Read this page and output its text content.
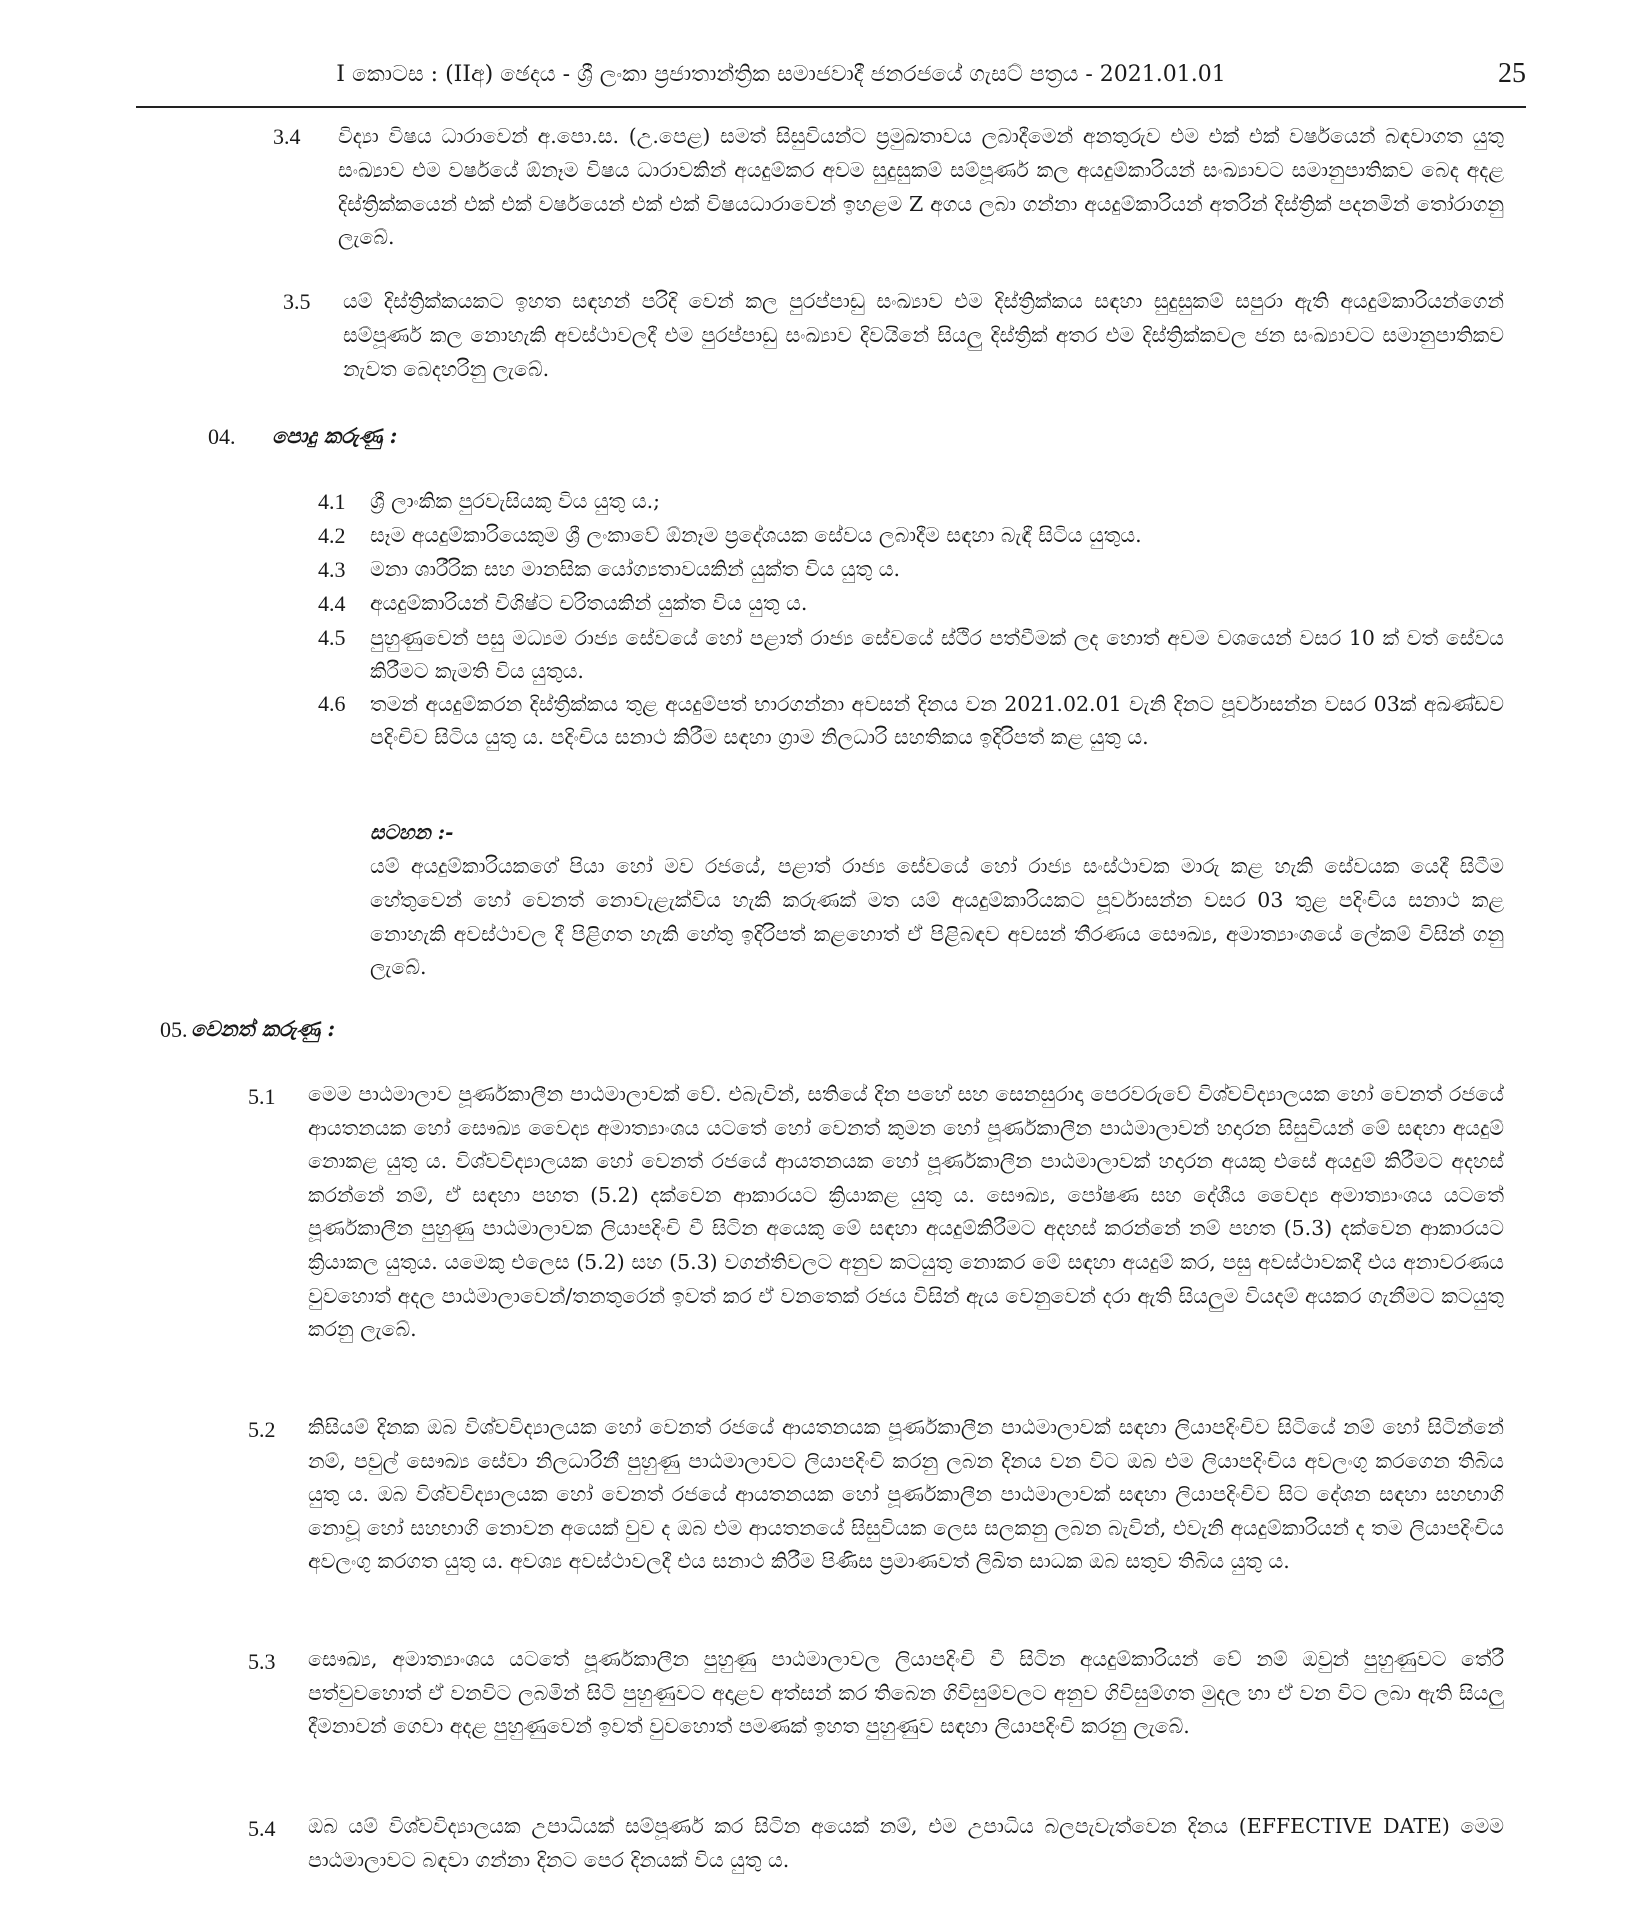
I කොටස : (IIඅ) ඡෙදය - ශ්‍රී ලංකා ප්‍රජාතාන්ත්‍රික සමාජවාදී ජනරජයේ ගැසට් පත්‍රය - 2021.01.01	25
3.4 විද්‍යා විෂය ධාරාවෙන් අ.පො.ස. (උ.පෙළ) සමත් සිසුවියන්ට ප්‍රමුඛතාවය ලබාදීමෙන් අනතුරුව එම එක් එක් වර්ෂයෙන් බඳවාගත යුතු සංඛ්‍යාව එම වර්ෂයේ ඕනෑම විෂය ධාරාවකින් අයදුම්කර අවම සුදුසුකම් සම්පූර්ණ කල අයදුම්කාරියන් සංඛ්‍යාවට සමානුපාතිකව බෙද අදළ දිස්ත්‍රික්කයෙන් එක් එක් වර්ෂයෙන් එක් එක් විෂයධාරාවෙන් ඉහළම Z අගය ලබා ගන්නා අයදුම්කාරියන් අතරින් දිස්ත්‍රික් පදනමින් තෝරාගනු ලැබේ.
3.5 යම් දිස්ත්‍රික්කයකට ඉහත සඳහන් පරිදි වෙන් කල පුරප්පාඩු සංඛ්‍යාව එම දිස්ත්‍රික්කය සඳහා සුදුසුකම් සපුරා ඇති අයදුම්කාරියන්ගෙන් සම්පූර්ණ කල නොහැකි අවස්ථාවලදී එම පුරප්පාඩු සංඛ්‍යාව දිවයිනේ සියලු දිස්ත්‍රික් අතර එම දිස්ත්‍රික්කවල ජන සංඛ්‍යාවට සමානුපාතිකව නැවත බෙදහරිනු ලැබේ.
04. පොදු කරුණු :
4.1 ශ්‍රී ලාංකික පුරවැසියකු විය යුතු ය.;
4.2 සෑම අයදුම්කාරියෙකුම ශ්‍රී ලංකාවේ ඕනෑම ප්‍රදේශයක සේවය ලබාදීම සඳහා බැඳී සිටිය යුතුය.
4.3 මනා ශාරීරික සහ මානසික යෝග්‍යතාවයකින් යුක්ත විය යුතු ය.
4.4 අයදුම්කාරියන් විශිෂ්ට චරිතයකින් යුක්ත විය යුතු ය.
4.5 පුහුණුවෙන් පසු මධ්‍යම රාජ්‍ය සේවයේ හෝ පළාත් රාජ්‍ය සේවයේ ස්ථිර පත්වීමක් ලද හොත් අවම වශයෙන් වසර 10 ක් වත් සේවය කිරීමට කැමති විය යුතුය.
4.6 තමන් අයදුම්කරන දිස්ත්‍රික්කය තුළ අයදුම්පත් භාරගන්නා අවසන් දිනය වන 2021.02.01 වැනි දිනට පූර්වාසන්න වසර 03ක් අඛණ්ඩව පදිංචිව සිටිය යුතු ය. පදිංචිය සනාථ කිරීම සඳහා ග්‍රාම නිලධාරි සහතිකය ඉදිරිපත් කළ යුතු ය.
සටහන :-
යම් අයදුම්කාරියකගේ පියා හෝ මව රජයේ, පළාත් රාජ්‍ය සේවයේ හෝ රාජ්‍ය සංස්ථාවක මාරු කළ හැකි සේවයක යෙදී සිටීම හේතුවෙන් හෝ වෙනත් නොවැළැක්විය හැකි කරුණක් මත යම් අයදුම්කාරියකට පූර්වාසන්න වසර 03 තුළ පදිංචිය සනාථ කළ නොහැකි අවස්ථාවල දී පිළිගත හැකි හේතු ඉදිරිපත් කළහොත් ඒ පිළිබඳව අවසන් තීරණය සෞඛ්‍ය, අමාත්‍යාංශයේ ලේකම් විසින් ගනු ලැබේ.
05. වෙනත් කරුණු :
5.1 මෙම පාඨමාලාව පූර්ණකාලීන පාඨමාලාවක් වේ. එබැවින්, සතියේ දින පහේ සහ සෙනසුරාදා පෙරවරුවේ විශ්වවිද්‍යාලයක හෝ වෙනත් රජයේ ආයතනයක හෝ සෞඛ්‍ය වෛද්‍ය අමාත්‍යාංශය යටතේ හෝ වෙනත් කුමන හෝ පූර්ණකාලීන පාඨමාලාවන් හදාරන සිසුවියන් මේ සඳහා අයදුම් නොකළ යුතු ය. විශ්වවිද්‍යාලයක හෝ වෙනත් රජයේ ආයතනයක හෝ පූර්ණකාලීන පාඨමාලාවක් හදාරන අයකු එසේ අයදුම් කිරීමට අදහස් කරන්නේ නම්, ඒ සඳහා පහත (5.2) දක්වෙන ආකාරයට ක්‍රියාකළ යුතු ය. සෞඛ්‍ය, පෝෂණ සහ දේශීය වෛද්‍ය අමාත්‍යාංශය යටතේ පූර්ණකාලීන පුහුණු පාඨමාලාවක ලියාපදිංචි වී සිටින අයෙකු මේ සඳහා අයදුම්කිරීමට අදහස් කරන්නේ නම් පහත (5.3) දක්වෙන ආකාරයට ක්‍රියාකල යුතුය. යමෙකු එලෙස (5.2) සහ (5.3) වගන්තිවලට අනුව කටයුතු නොකර මේ සඳහා අයදුම් කර, පසු අවස්ථාවකදී එය අනාවරණය වුවහොත් අදල පාඨමාලාවෙන්/තනතුරෙන් ඉවත් කර ඒ වනතෙක් රජය විසින් ඇය වෙනුවෙන් දරා ඇති සියලුම වියදම් අයකර ගැනීමට කටයුතු කරනු ලැබේ.
5.2 කිසියම් දිනක ඔබ විශ්වවිද්‍යාලයක හෝ වෙනත් රජයේ ආයතනයක පූර්ණකාලීන පාඨමාලාවක් සඳහා ලියාපදිංචිව සිටියේ නම් හෝ සිටින්නේ නම්, පවුල් සෞඛ්‍ය සේවා නිලධාරිනී පුහුණු පාඨමාලාවට ලියාපදිංචි කරනු ලබන දිනය වන විට ඔබ එම ලියාපදිංචිය අවලංගු කරගෙන තිබිය යුතු ය. ඔබ විශ්වවිද්‍යාලයක හෝ වෙනත් රජයේ ආයතනයක හෝ පූර්ණකාලීන පාඨමාලාවක් සඳහා ලියාපදිංචිව සිට දේශන සඳහා සහභාගි නොවූ හෝ සහභාගි නොවන අයෙක් වුව ද ඔබ එම ආයතනයේ සිසුවියක ලෙස සලකනු ලබන බැවින්, එවැනි අයදුම්කාරියන් ද තම ලියාපදිංචිය අවලංගු කරගත යුතු ය. අවශ්‍ය අවස්ථාවලදී එය සනාථ කිරීම පිණිස ප්‍රමාණවත් ලිඛිත සාධක ඔබ සතුව තිබිය යුතු ය.
5.3 සෞඛ්‍ය, අමාත්‍යාංශය යටතේ පූර්ණකාලීන පුහුණු පාඨමාලාවල ලියාපදිංචි වී සිටින අයදුම්කාරියන් වේ නම් ඔවුන් පුහුණුවට තේරී පත්වුවහොත් ඒ වනවිට ලබමින් සිටි පුහුණුවට අදාළව අත්සන් කර තිබෙන ගිවිසුම්වලට අනුව ගිවිසුම්ගත මුදල හා ඒ වන විට ලබා ඇති සියලු දීමනාවන් ගෙවා අදළ පුහුණුවෙන් ඉවත් වුවහොත් පමණක් ඉහත පුහුණුව සඳහා ලියාපදිංචි කරනු ලැබේ.
5.4 ඔබ යම් විශ්වවිද්‍යාලයක උපාධියක් සම්පූර්ණ කර සිටින අයෙක් නම්, එම උපාධිය බලපැවැත්වෙන දිනය (EFFECTIVE DATE) මෙම පාඨමාලාවට බඳවා ගන්නා දිනට පෙර දිනයක් විය යුතු ය.
